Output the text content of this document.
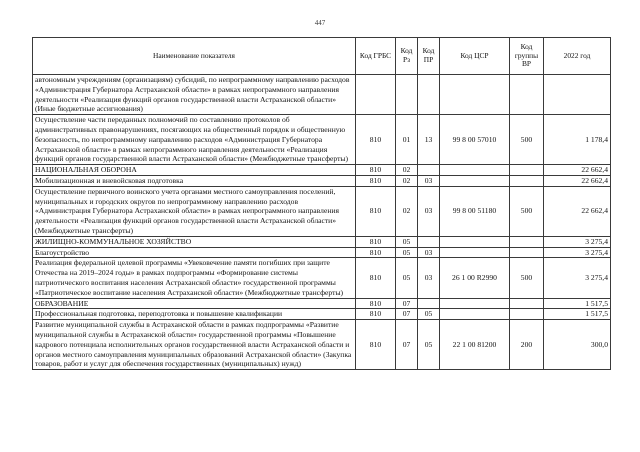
447
Наименование показателя	Код ГРБС	Код Рз	Код ПР	Код ЦСР	Код группы ВР	2022 год
автономным учреждениям (организациям) субсидий, по непрограммному направлению расходов «Администрация Губернатора Астраханской области» в рамках непрограммного направления деятельности «Реализация функций органов государственной власти Астраханской области» (Иные бюджетные ассигнования)						
Осуществление части переданных полномочий по составлению протоколов об административных правонарушениях, посягающих на общественный порядок и общественную безопасность, по непрограммному направлению расходов «Администрация Губернатора Астраханской области» в рамках непрограммного направления деятельности «Реализация функций органов государственной власти Астраханской области» (Межбюджетные трансферты)	810	01	13	99 8 00 57010	500	1 178,4
НАЦИОНАЛЬНАЯ ОБОРОНА	810	02				22 662,4
Мобилизационная и вневойсковая подготовка	810	02	03			22 662,4
Осуществление первичного воинского учета органами местного самоуправления поселений, муниципальных и городских округов по непрограммному направлению расходов «Администрация Губернатора Астраханской области» в рамках непрограммного направления деятельности «Реализация функций органов государственной власти Астраханской области» (Межбюджетные трансферты)	810	02	03	99 8 00 51180	500	22 662,4
ЖИЛИЩНО-КОММУНАЛЬНОЕ ХОЗЯЙСТВО	810	05				3 275,4
Благоустройство	810	05	03			3 275,4
Реализация федеральной целевой программы «Увековечение памяти погибших при защите Отечества на 2019–2024 годы» в рамках подпрограммы «Формирование системы патриотического воспитания населения Астраханской области» государственной программы «Патриотическое воспитание населения Астраханской области» (Межбюджетные трансферты)	810	05	03	26 1 00 R2990	500	3 275,4
ОБРАЗОВАНИЕ	810	07				1 517,5
Профессиональная подготовка, переподготовка и повышение квалификации	810	07	05			1 517,5
Развитие муниципальной службы в Астраханской области в рамках подпрограммы «Развитие муниципальной службы в Астраханской области» государственной программы «Повышение кадрового потенциала исполнительных органов государственной власти Астраханской области и органов местного самоуправления муниципальных образований Астраханской области» (Закупка товаров, работ и услуг для обеспечения государственных (муниципальных) нужд)	810	07	05	22 1 00 81200	200	300,0
